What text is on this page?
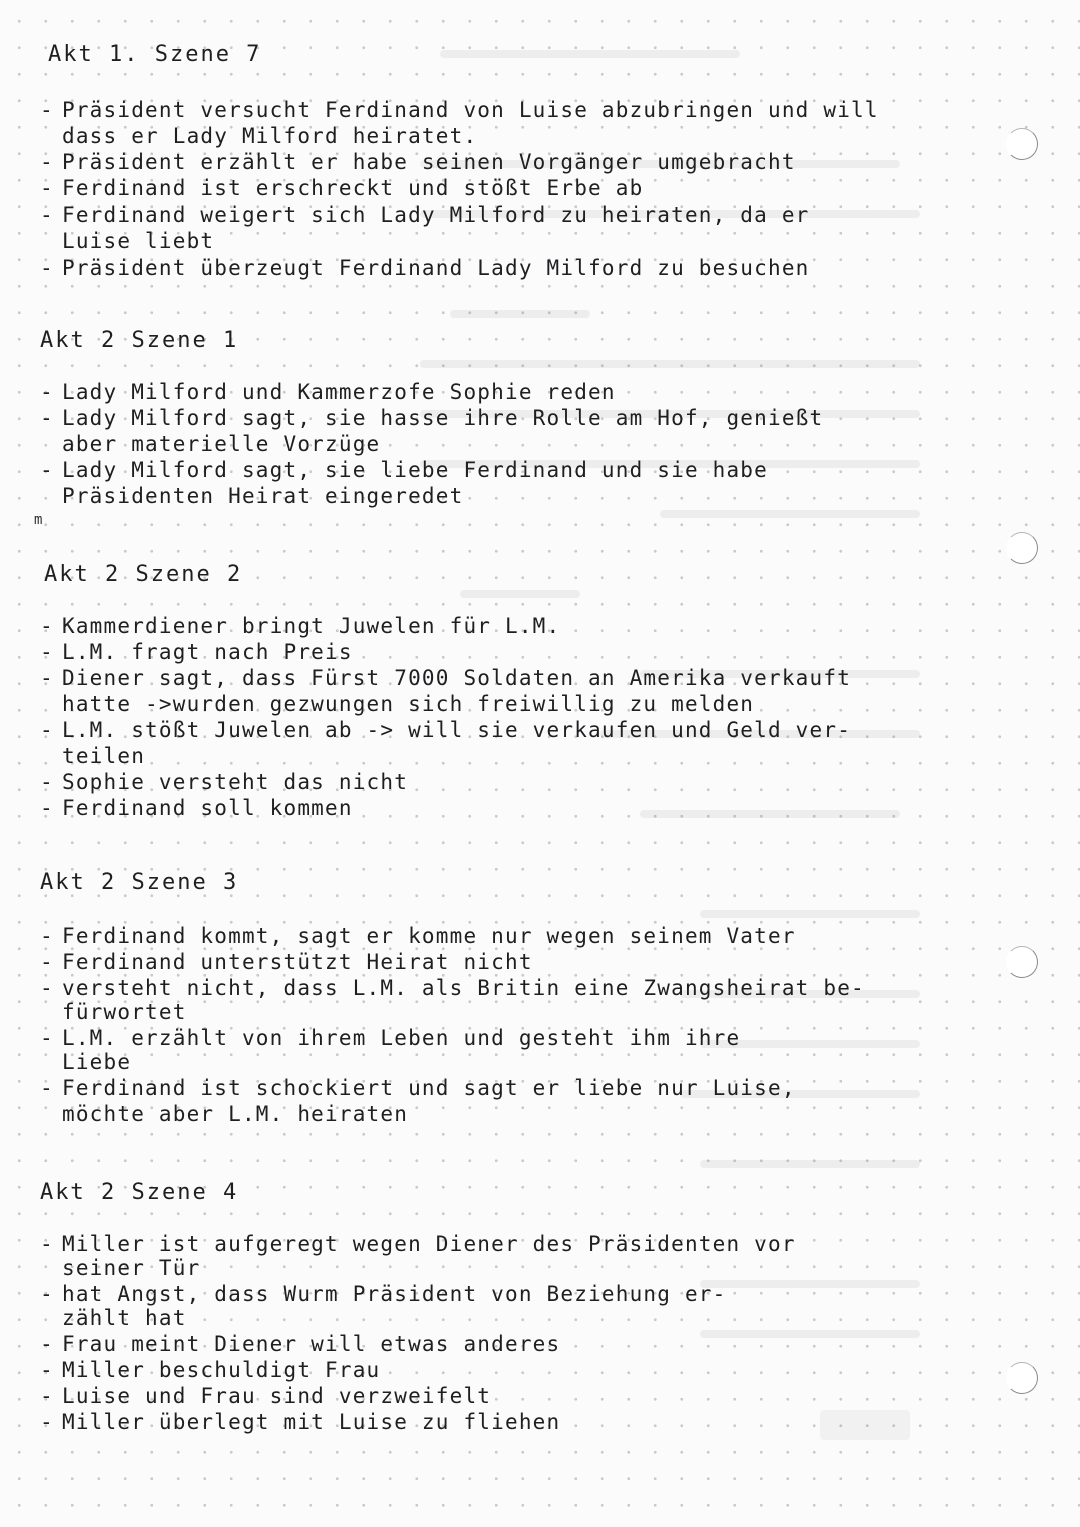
m
Akt 1. Szene 7
- Präsident versucht Ferdinand von Luise abzubringen und will
dass er Lady Milford heiratet.
- Präsident erzählt er habe seinen Vorgänger umgebracht
- Ferdinand ist erschreckt und stößt Erbe ab
- Ferdinand weigert sich Lady Milford zu heiraten, da er
Luise liebt
- Präsident überzeugt Ferdinand Lady Milford zu besuchen
Akt 2 Szene 1
- Lady Milford und Kammerzofe Sophie reden
- Lady Milford sagt, sie hasse ihre Rolle am Hof, genießt
aber materielle Vorzüge
- Lady Milford sagt, sie liebe Ferdinand und sie habe
Präsidenten Heirat eingeredet
Akt 2 Szene 2
- Kammerdiener bringt Juwelen für L.M.
- L.M. fragt nach Preis
- Diener sagt, dass Fürst 7000 Soldaten an Amerika verkauft
hatte ->wurden gezwungen sich freiwillig zu melden
- L.M. stößt Juwelen ab -> will sie verkaufen und Geld ver-
teilen
- Sophie versteht das nicht
- Ferdinand soll kommen
Akt 2 Szene 3
- Ferdinand kommt, sagt er komme nur wegen seinem Vater
- Ferdinand unterstützt Heirat nicht
- versteht nicht, dass L.M. als Britin eine Zwangsheirat be-
fürwortet
- L.M. erzählt von ihrem Leben und gesteht ihm ihre
Liebe
- Ferdinand ist schockiert und sagt er liebe nur Luise,
möchte aber L.M. heiraten
Akt 2 Szene 4
- Miller ist aufgeregt wegen Diener des Präsidenten vor
seiner Tür
- hat Angst, dass Wurm Präsident von Beziehung er-
zählt hat
- Frau meint Diener will etwas anderes
- Miller beschuldigt Frau
- Luise und Frau sind verzweifelt
- Miller überlegt mit Luise zu fliehen
